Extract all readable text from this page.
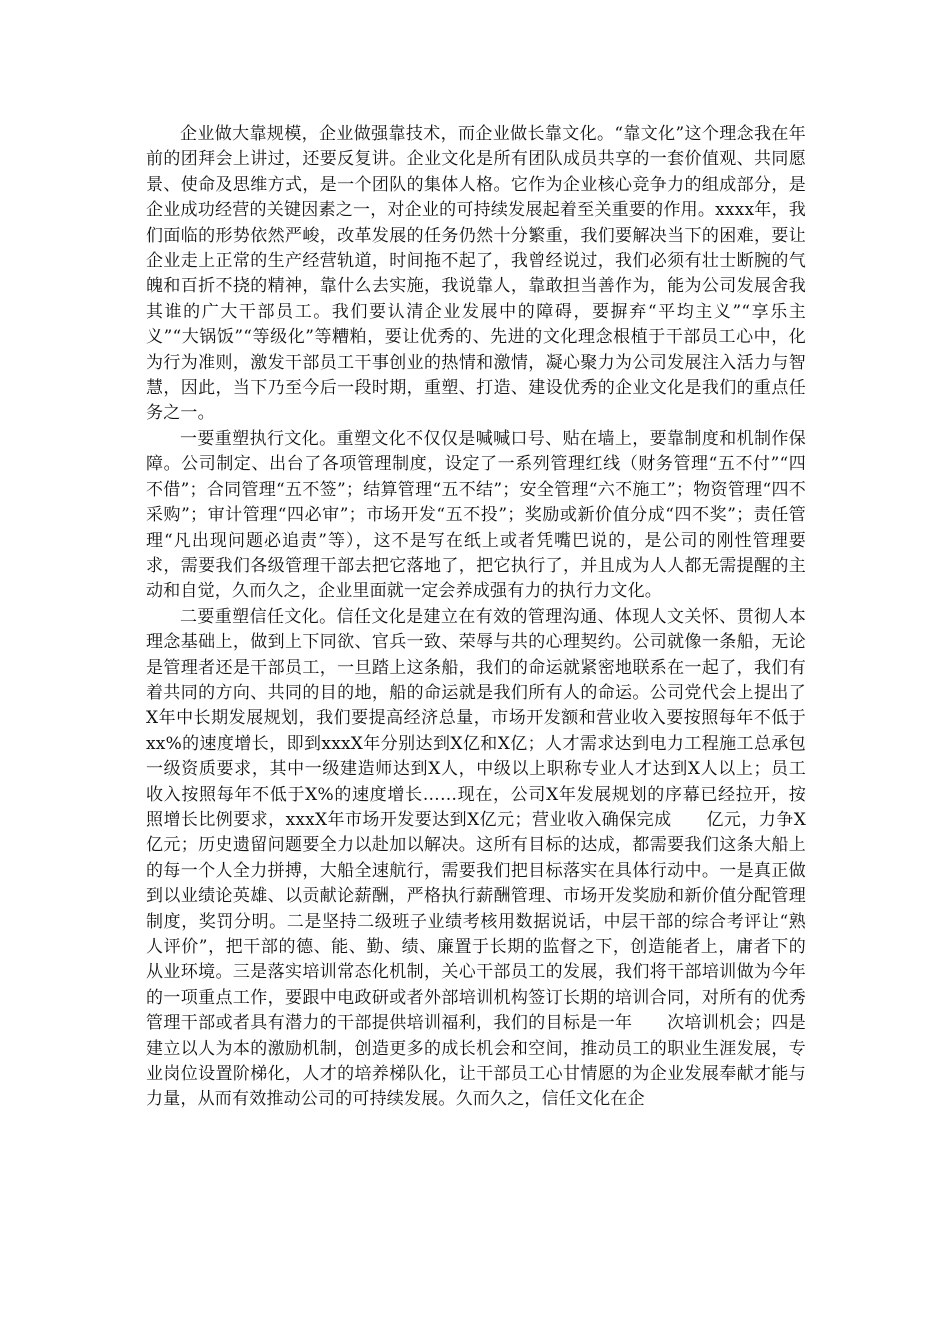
企业做大靠规模，企业做强靠技术，而企业做长靠文化。“靠文化”这个理念我在年前的团拜会上讲过，还要反复讲。企业文化是所有团队成员共享的一套价值观、共同愿景、使命及思维方式，是一个团队的集体人格。它作为企业核心竞争力的组成部分，是企业成功经营的关键因素之一，对企业的可持续发展起着至关重要的作用。xxxx年，我们面临的形势依然严峻，改革发展的任务仍然十分繁重，我们要解决当下的困难，要让企业走上正常的生产经营轨道，时间拖不起了，我曾经说过，我们必须有壮士断腕的气魄和百折不挠的精神，靠什么去实施，我说靠人，靠敢担当善作为，能为公司发展舍我其谁的广大干部员工。我们要认清企业发展中的障碍，要摒弃“平均主义”“享乐主义”“大锅饭”“等级化”等糟粕，要让优秀的、先进的文化理念根植于干部员工心中，化为行为准则，激发干部员工干事创业的热情和激情，凝心聚力为公司发展注入活力与智慧，因此，当下乃至今后一段时期，重塑、打造、建设优秀的企业文化是我们的重点任务之一。

一要重塑执行文化。重塑文化不仅仅是喊喊口号、贴在墙上，要靠制度和机制作保障。公司制定、出台了各项管理制度，设定了一系列管理红线（财务管理“五不付”“四不借”；合同管理“五不签”；结算管理“五不结”；安全管理“六不施工”；物资管理“四不采购”；审计管理“四必审”；市场开发“五不投”；奖励或新价值分成“四不奖”；责任管理“凡出现问题必追责”等），这不是写在纸上或者凭嘴巴说的，是公司的刚性管理要求，需要我们各级管理干部去把它落地了，把它执行了，并且成为人人都无需提醒的主动和自觉，久而久之，企业里面就一定会养成强有力的执行力文化。

二要重塑信任文化。信任文化是建立在有效的管理沟通、体现人文关怀、贯彻人本理念基础上，做到上下同欲、官兵一致、荣辱与共的心理契约。公司就像一条船，无论是管理者还是干部员工，一旦踏上这条船，我们的命运就紧密地联系在一起了，我们有着共同的方向、共同的目的地，船的命运就是我们所有人的命运。公司党代会上提出了X年中长期发展规划，我们要提高经济总量，市场开发额和营业收入要按照每年不低于xx%的速度增长，即到xxxX年分别达到X亿和X亿；人才需求达到电力工程施工总承包一级资质要求，其中一级建造师达到X人，中级以上职称专业人才达到X人以上；员工收入按照每年不低于X%的速度增长……现在，公司X年发展规划的序幕已经拉开，按照增长比例要求，xxxX年市场开发要达到X亿元；营业收入确保完成　　亿元，力争X亿元；历史遗留问题要全力以赴加以解决。这所有目标的达成，都需要我们这条大船上的每一个人全力拼搏，大船全速航行，需要我们把目标落实在具体行动中。一是真正做到以业绩论英雄、以贡献论薪酬，严格执行薪酬管理、市场开发奖励和新价值分配管理制度，奖罚分明。二是坚持二级班子业绩考核用数据说话，中层干部的综合考评让“熟人评价”，把干部的德、能、勤、绩、廉置于长期的监督之下，创造能者上，庸者下的从业环境。三是落实培训常态化机制，关心干部员工的发展，我们将干部培训做为今年的一项重点工作，要跟中电政研或者外部培训机构签订长期的培训合同，对所有的优秀管理干部或者具有潜力的干部提供培训福利，我们的目标是一年　　次培训机会；四是建立以人为本的激励机制，创造更多的成长机会和空间，推动员工的职业生涯发展，专业岗位设置阶梯化，人才的培养梯队化，让干部员工心甘情愿的为企业发展奉献才能与力量，从而有效推动公司的可持续发展。久而久之，信任文化在企
